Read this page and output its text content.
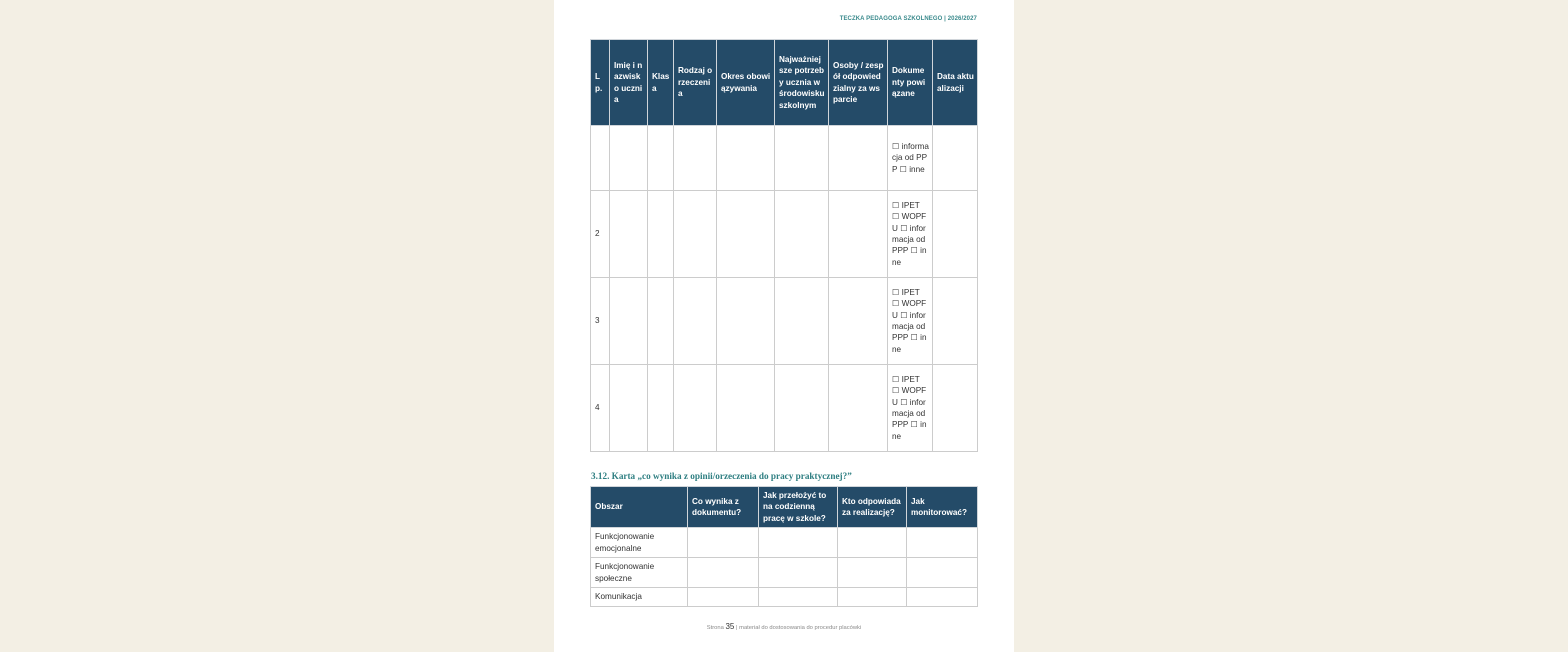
TECZKA PEDAGOGA SZKOLNEGO | 2026/2027
L p.	Imię i nazwisko ucznia	Klasa	Rodzaj orzeczenia	Okres obowiązywania	Najważniejsze potrzeby ucznia w środowisku szkolnym	Osoby / zespół odpowiedzialny za wsparcie	Dokumenty powiązane	Data aktualizacji
							☐ informacja od PPP ☐ inne	
2							☐ IPET ☐ WOPFU ☐ informacja od PPP ☐ inne	
3							☐ IPET ☐ WOPFU ☐ informacja od PPP ☐ inne	
4							☐ IPET ☐ WOPFU ☐ informacja od PPP ☐ inne	
3.12. Karta „co wynika z opinii/orzeczenia do pracy praktycznej?”
Obszar	Co wynika z dokumentu?	Jak przełożyć to na codzienną pracę w szkole?	Kto odpowiada za realizację?	Jak monitorować?
Funkcjonowanie emocjonalne				
Funkcjonowanie społeczne				
Komunikacja				
Strona 35 | materiał do dostosowania do procedur placówki
